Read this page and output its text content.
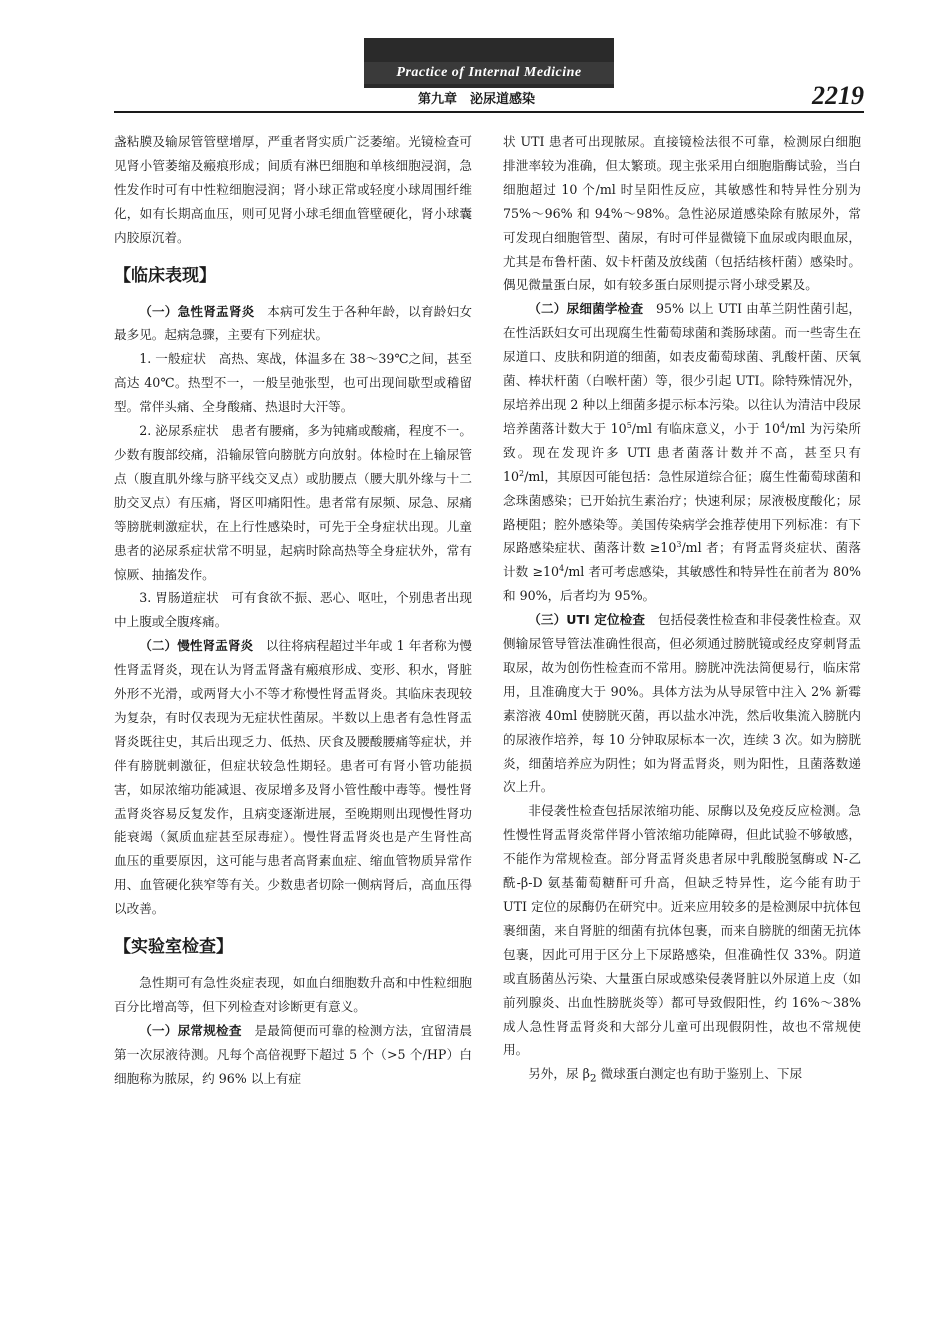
Practice of Internal Medicine
第九章　泌尿道感染	2219

盏粘膜及输尿管管壁增厚，严重者肾实质广泛萎缩。光镜检查可见肾小管萎缩及瘢痕形成；间质有淋巴细胞和单核细胞浸润，急性发作时可有中性粒细胞浸润；肾小球正常或轻度小球周围纤维化，如有长期高血压，则可见肾小球毛细血管壁硬化，肾小球囊内胶原沉着。

【临床表现】

（一）急性肾盂肾炎　 本病可发生于各种年龄，以育龄妇女最多见。起病急骤，主要有下列症状。

1. 一般症状　高热、寒战，体温多在 38～39℃之间，甚至高达 40℃。热型不一，一般呈弛张型，也可出现间歇型或稽留型。常伴头痛、全身酸痛、热退时大汗等。

2. 泌尿系症状　患者有腰痛，多为钝痛或酸痛，程度不一。少数有腹部绞痛，沿输尿管向膀胱方向放射。体检时在上输尿管点（腹直肌外缘与脐平线交叉点）或肋腰点（腰大肌外缘与十二肋交叉点）有压痛，肾区叩痛阳性。患者常有尿频、尿急、尿痛等膀胱刺激症状，在上行性感染时，可先于全身症状出现。儿童患者的泌尿系症状常不明显，起病时除高热等全身症状外，常有惊厥、抽搐发作。

3. 胃肠道症状　可有食欲不振、恶心、呕吐，个别患者出现中上腹或全腹疼痛。

（二）慢性肾盂肾炎　 以往将病程超过半年或 1 年者称为慢性肾盂肾炎，现在认为肾盂肾盏有瘢痕形成、变形、积水，肾脏外形不光滑，或两肾大小不等才称慢性肾盂肾炎。其临床表现较为复杂，有时仅表现为无症状性菌尿。半数以上患者有急性肾盂肾炎既往史，其后出现乏力、低热、厌食及腰酸腰痛等症状，并伴有膀胱刺激征，但症状较急性期轻。患者可有肾小管功能损害，如尿浓缩功能减退、夜尿增多及肾小管性酸中毒等。慢性肾盂肾炎容易反复发作，且病变逐渐进展，至晚期则出现慢性肾功能衰竭（氮质血症甚至尿毒症）。慢性肾盂肾炎也是产生肾性高血压的重要原因，这可能与患者高肾素血症、缩血管物质异常作用、血管硬化狭窄等有关。少数患者切除一侧病肾后，高血压得以改善。

【实验室检查】

急性期可有急性炎症表现，如血白细胞数升高和中性粒细胞百分比增高等，但下列检查对诊断更有意义。

（一）尿常规检查　 是最简便而可靠的检测方法，宜留清晨第一次尿液待测。凡每个高倍视野下超过 5 个（>5 个/HP）白细胞称为脓尿，约 96% 以上有症

状 UTI 患者可出现脓尿。直接镜检法很不可靠，检测尿白细胞排泄率较为准确，但太繁琐。现主张采用白细胞脂酶试验，当白细胞超过 10 个/ml 时呈阳性反应，其敏感性和特异性分别为 75%～96% 和 94%～98%。急性泌尿道感染除有脓尿外，常可发现白细胞管型、菌尿，有时可伴显微镜下血尿或肉眼血尿，尤其是布鲁杆菌、奴卡杆菌及放线菌（包括结核杆菌）感染时。偶见微量蛋白尿，如有较多蛋白尿则提示肾小球受累及。

（二）尿细菌学检查　 95% 以上 UTI 由革兰阴性菌引起，在性活跃妇女可出现腐生性葡萄球菌和粪肠球菌。而一些寄生在尿道口、皮肤和阴道的细菌，如表皮葡萄球菌、乳酸杆菌、厌氧菌、棒状杆菌（白喉杆菌）等，很少引起 UTI。除特殊情况外，尿培养出现 2 种以上细菌多提示标本污染。以往认为清洁中段尿培养菌落计数大于 $10^5/ml$ 有临床意义，小于 $10^4/ml$ 为污染所致。现在发现许多 UTI 患者菌落计数并不高，甚至只有 $10^2/ml$，其原因可能包括：急性尿道综合征；腐生性葡萄球菌和念珠菌感染；已开始抗生素治疗；快速利尿；尿液极度酸化；尿路梗阻；腔外感染等。美国传染病学会推荐使用下列标准：有下尿路感染症状、菌落计数 $\ge 10^3/ml$ 者；有肾盂肾炎症状、菌落计数 $\ge 10^4/ml$ 者可考虑感染，其敏感性和特异性在前者为 80% 和 90%，后者均为 95%。

（三）UTI 定位检查　 包括侵袭性检查和非侵袭性检查。双侧输尿管导管法准确性很高，但必须通过膀胱镜或经皮穿刺肾盂取尿，故为创伤性检查而不常用。膀胱冲洗法简便易行，临床常用，且准确度大于 90%。具体方法为从导尿管中注入 2% 新霉素溶液 40ml 使膀胱灭菌，再以盐水冲洗，然后收集流入膀胱内的尿液作培养，每 10 分钟取尿标本一次，连续 3 次。如为膀胱炎，细菌培养应为阴性；如为肾盂肾炎，则为阳性，且菌落数递次上升。

非侵袭性检查包括尿浓缩功能、尿酶以及免疫反应检测。急性慢性肾盂肾炎常伴肾小管浓缩功能障碍，但此试验不够敏感，不能作为常规检查。部分肾盂肾炎患者尿中乳酸脱氢酶或 N-乙酰-β-D 氨基葡萄糖酐可升高，但缺乏特异性，迄今能有助于 UTI 定位的尿酶仍在研究中。近来应用较多的是检测尿中抗体包裹细菌，来自肾脏的细菌有抗体包裹，而来自膀胱的细菌无抗体包裹，因此可用于区分上下尿路感染，但准确性仅 33%。阴道或直肠菌丛污染、大量蛋白尿或感染侵袭肾脏以外尿道上皮（如前列腺炎、出血性膀胱炎等）都可导致假阳性，约 16%～38% 成人急性肾盂肾炎和大部分儿童可出现假阴性，故也不常规使用。

另外，尿 $\beta_2$ 微球蛋白测定也有助于鉴别上、下尿
